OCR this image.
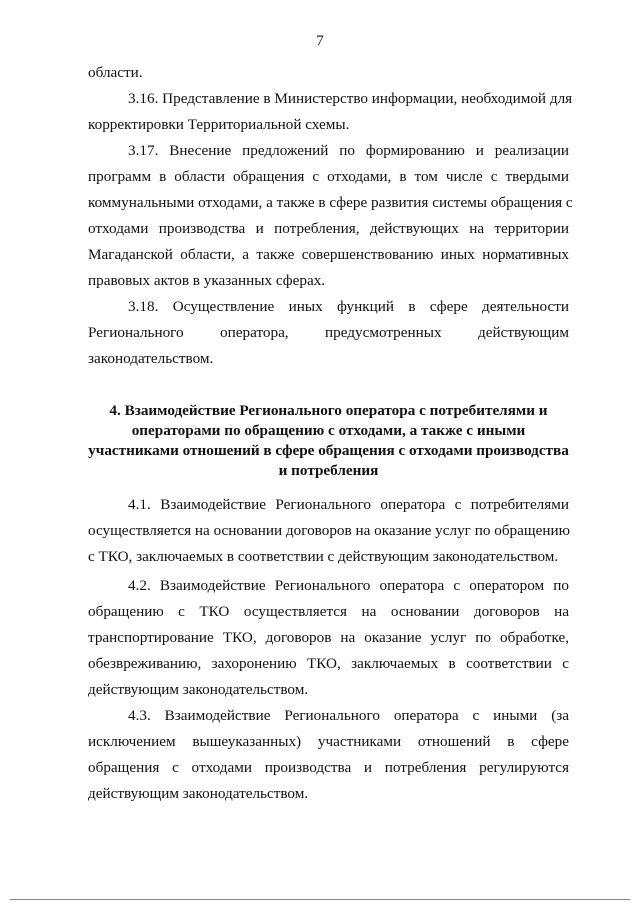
7
области.
3.16. Представление в Министерство информации, необходимой для
корректировки Территориальной схемы.
3.17. Внесение предложений по формированию и реализации
программ в области обращения с отходами, в том числе с твердыми
коммунальными отходами, а также в сфере развития системы обращения с
отходами производства и потребления, действующих на территории
Магаданской области, а также совершенствованию иных нормативных
правовых актов в указанных сферах.
3.18. Осуществление иных функций в сфере деятельности
Регионального оператора, предусмотренных действующим
законодательством.
4. Взаимодействие Регионального оператора с потребителями и
операторами по обращению с отходами, а также с иными
участниками отношений в сфере обращения с отходами производства
и потребления
4.1. Взаимодействие Регионального оператора с потребителями
осуществляется на основании договоров на оказание услуг по обращению
с ТКО, заключаемых в соответствии с действующим законодательством.
4.2. Взаимодействие Регионального оператора с оператором по
обращению с ТКО осуществляется на основании договоров на
транспортирование ТКО, договоров на оказание услуг по обработке,
обезвреживанию, захоронению ТКО, заключаемых в соответствии с
действующим законодательством.
4.3. Взаимодействие Регионального оператора с иными (за
исключением вышеуказанных) участниками отношений в сфере
обращения с отходами производства и потребления регулируются
действующим законодательством.
